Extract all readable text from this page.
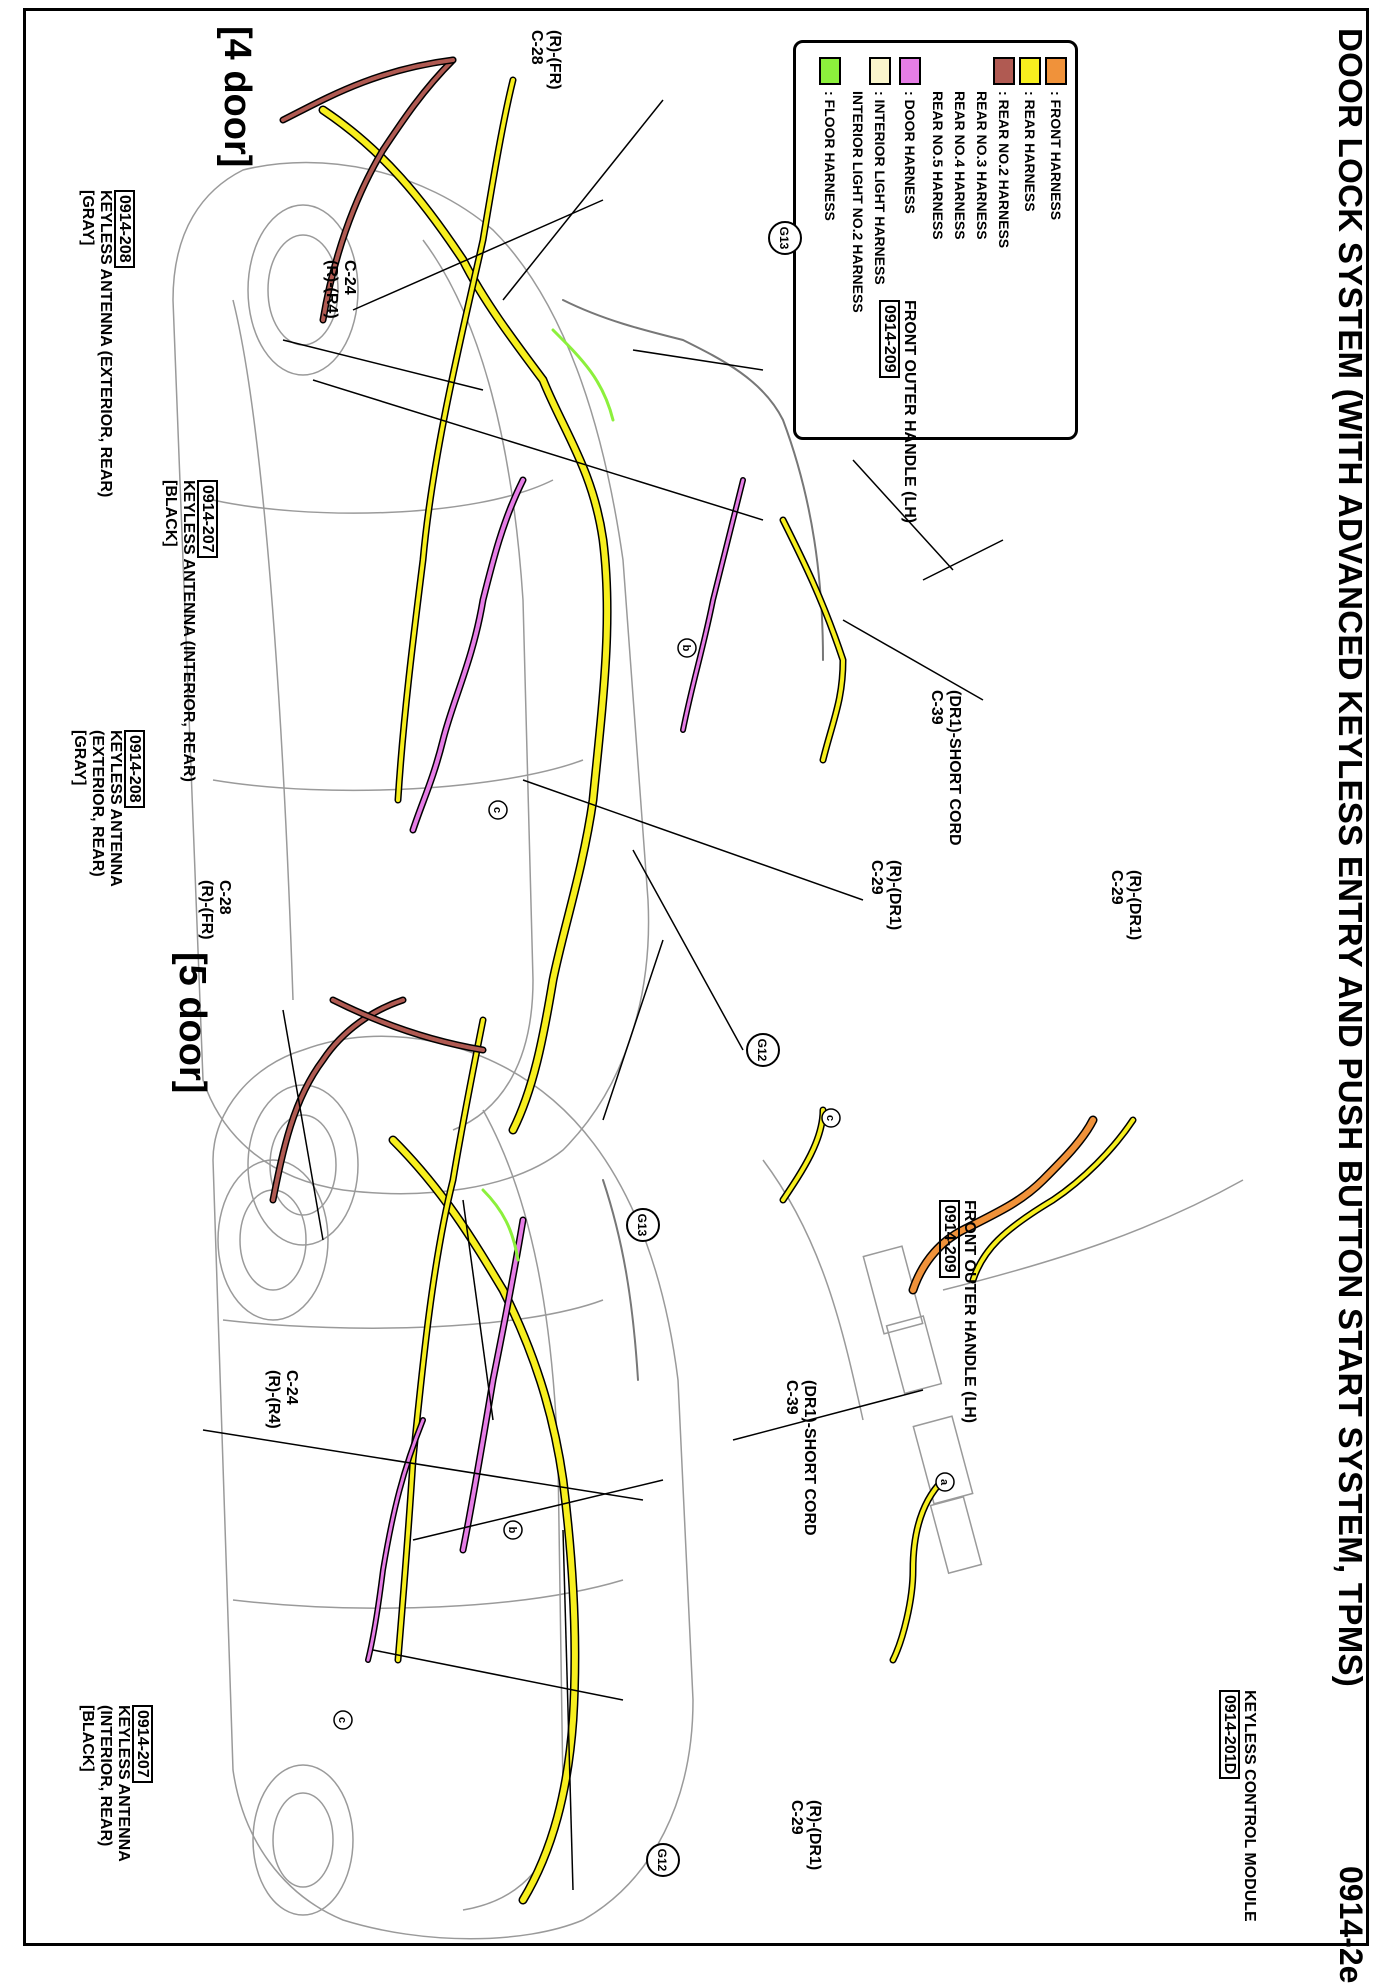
DOOR LOCK SYSTEM (WITH ADVANCED KEYLESS ENTRY AND PUSH BUTTON START SYSTEM, TPMS)
0914-2e
: FRONT HARNESS
: REAR HARNESS
: REAR NO.2 HARNESS
REAR NO.3 HARNESS
REAR NO.4 HARNESS
REAR NO.5 HARNESS
: DOOR HARNESS
: INTERIOR LIGHT HARNESS
INTERIOR LIGHT NO.2 HARNESS
: FLOOR HARNESS
G13
G12
G13
G12
b
c
b
c
c
a
[4 door]
[5 door]
(R)-(FR)
C-28
C-24
(R)-(R4)
0914-208
KEYLESS ANTENNA (EXTERIOR, REAR)
[GRAY]
0914-207
KEYLESS ANTENNA (INTERIOR, REAR)
[BLACK]	FRONT OUTER HANDLE (LH)
0914-209
(DR1)-SHORT CORD
C-39
(R)-(DR1)
C-29	(R)-(DR1)
C-29
KEYLESS CONTROL MODULE
0914-201D
0914-208
KEYLESS ANTENNA
(EXTERIOR, REAR)
[GRAY]
C-28
(R)-(FR)
FRONT OUTER HANDLE (LH)
0914-209
(DR1)-SHORT CORD
C-39
C-24
(R)-(R4)
0914-207
KEYLESS ANTENNA
(INTERIOR, REAR)
[BLACK]
(R)-(DR1)
C-29
